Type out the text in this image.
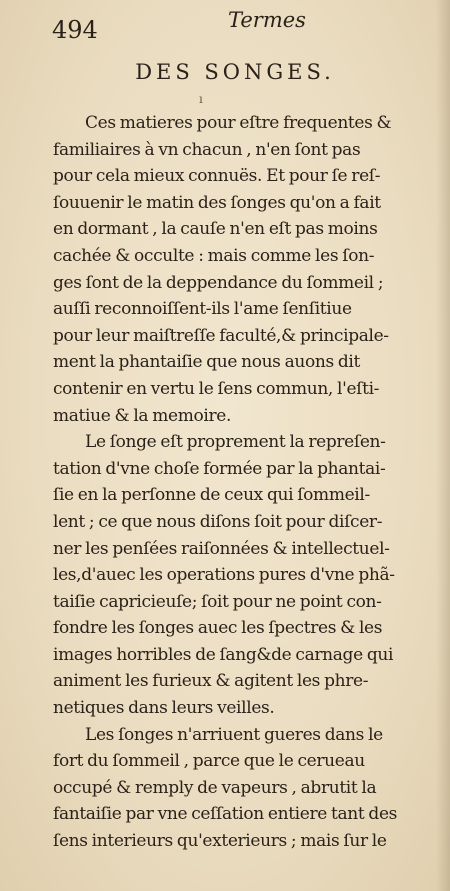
494	Termes
DES SONGES.
ı
Ces matieres pour eſtre frequentes &
familiaires à vn chacun , n'en ſont pas
pour cela mieux connuës. Et pour ſe reſ-
ſouuenir le matin des ſonges qu'on a fait
en dormant , la cauſe n'en eſt pas moins
cachée & occulte : mais comme les ſon-
ges ſont de la deppendance du ſommeil ;
auſſi reconnoiſſent-ils l'ame ſenſitiue
pour leur maiſtreſſe faculté,& principale-
ment la phantaiſie que nous auons dit
contenir en vertu le ſens commun, l'eſti-
matiue & la memoire.
Le ſonge eſt proprement la repreſen-
tation d'vne choſe formée par la phantai-
ſie en la perſonne de ceux qui ſommeil-
lent ; ce que nous diſons ſoit pour diſcer-
ner les penſées raiſonnées & intellectuel-
les,d'auec les operations pures d'vne phã-
taiſie capricieuſe; ſoit pour ne point con-
fondre les ſonges auec les ſpectres & les
images horribles de ſang&de carnage qui
animent les furieux & agitent les phre-
netiques dans leurs veilles.
Les ſonges n'arriuent gueres dans le
fort du ſommeil , parce que le cerueau
occupé & remply de vapeurs , abrutit la
fantaiſie par vne ceſſation entiere tant des
ſens interieurs qu'exterieurs ; mais ſur le
